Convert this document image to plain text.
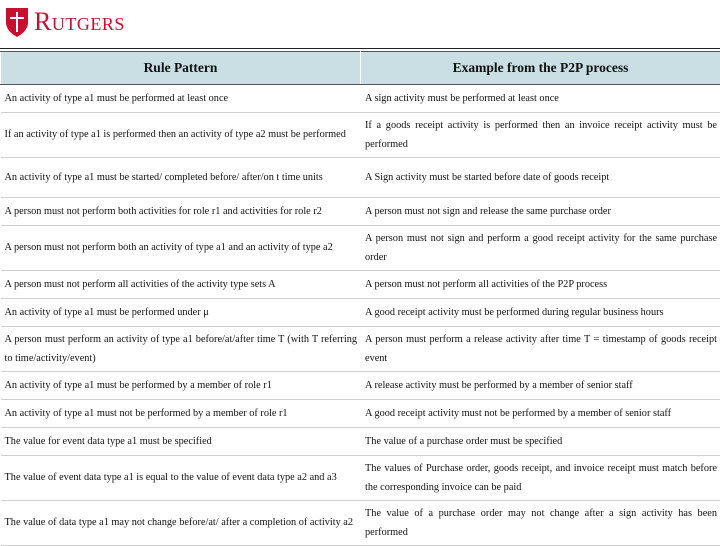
Rutgers
Rule Pattern	Example from the P2P process
An activity of type a1 must be performed at least once	A sign activity must be performed at least once
If an activity of type a1 is performed then an activity of type a2 must be performed	If a goods receipt activity is performed then an invoice receipt activity must be performed
An activity of type a1 must be started/ completed before/ after/on t time units	A Sign activity must be started before date of goods receipt
A person must not perform both activities for role r1 and activities for role r2	A person must not sign and release the same purchase order
A person must not perform both an activity of type a1 and an activity of type a2	A person must not sign and perform a good receipt activity for the same purchase order
A person must not perform all activities of the activity type sets A	A person must not perform all activities of the P2P process
An activity of type a1 must be performed under μ	A good receipt activity must be performed during regular business hours
A person must perform an activity of type a1 before/at/after time T (with T referring to time/activity/event)	A person must perform a release activity after time T = timestamp of goods receipt event
An activity of type a1 must be performed by a member of role r1	A release activity must be performed by a member of senior staff
An activity of type a1 must not be performed by a member of role r1	A good receipt activity must not be performed by a member of senior staff
The value for event data type a1 must be specified	The value of a purchase order must be specified
The value of event data type a1 is equal to the value of event data type a2 and a3	The values of Purchase order, goods receipt, and invoice receipt must match before the corresponding invoice can be paid
The value of data type a1 may not change before/at/ after a completion of activity a2	The value of a purchase order may not change after a sign activity has been performed
